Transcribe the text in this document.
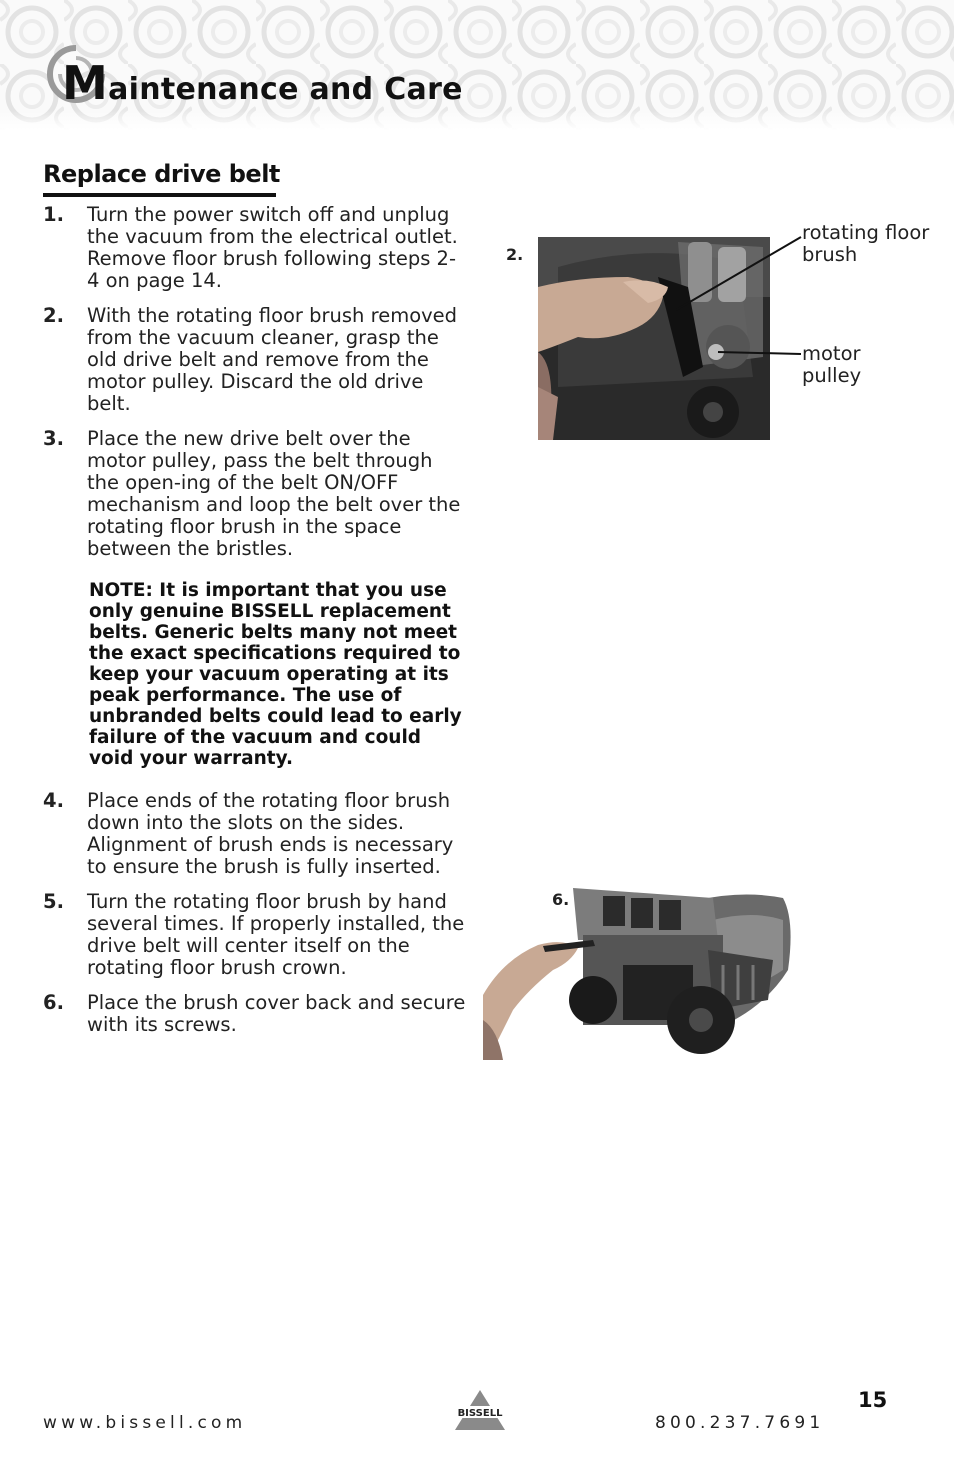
Maintenance and Care
Replace drive belt
1. Turn the power switch off and unplug the vacuum from the electrical outlet. Remove floor brush following steps 2-4 on page 14.
2. With the rotating floor brush removed from the vacuum cleaner, grasp the old drive belt and remove from the motor pulley. Discard the old drive belt.
3. Place the new drive belt over the motor pulley, pass the belt through the open-ing of the belt ON/OFF mechanism and loop the belt over the rotating floor brush in the space between the bristles.
NOTE: It is important that you use only genuine BISSELL replacement belts. Generic belts many not meet the exact specifications required to keep your vacuum operating at its peak performance. The use of unbranded belts could lead to early failure of the vacuum and could void your warranty.
4. Place ends of the rotating floor brush down into the slots on the sides. Alignment of brush ends is necessary to ensure the brush is fully inserted.
5. Turn the rotating floor brush by hand several times. If properly installed, the drive belt will center itself on the rotating floor brush crown.
6. Place the brush cover back and secure with its screws.
2.
rotating floor brush
motor pulley
6.
www.bissell.com	BISSELL	800.237.7691
15
